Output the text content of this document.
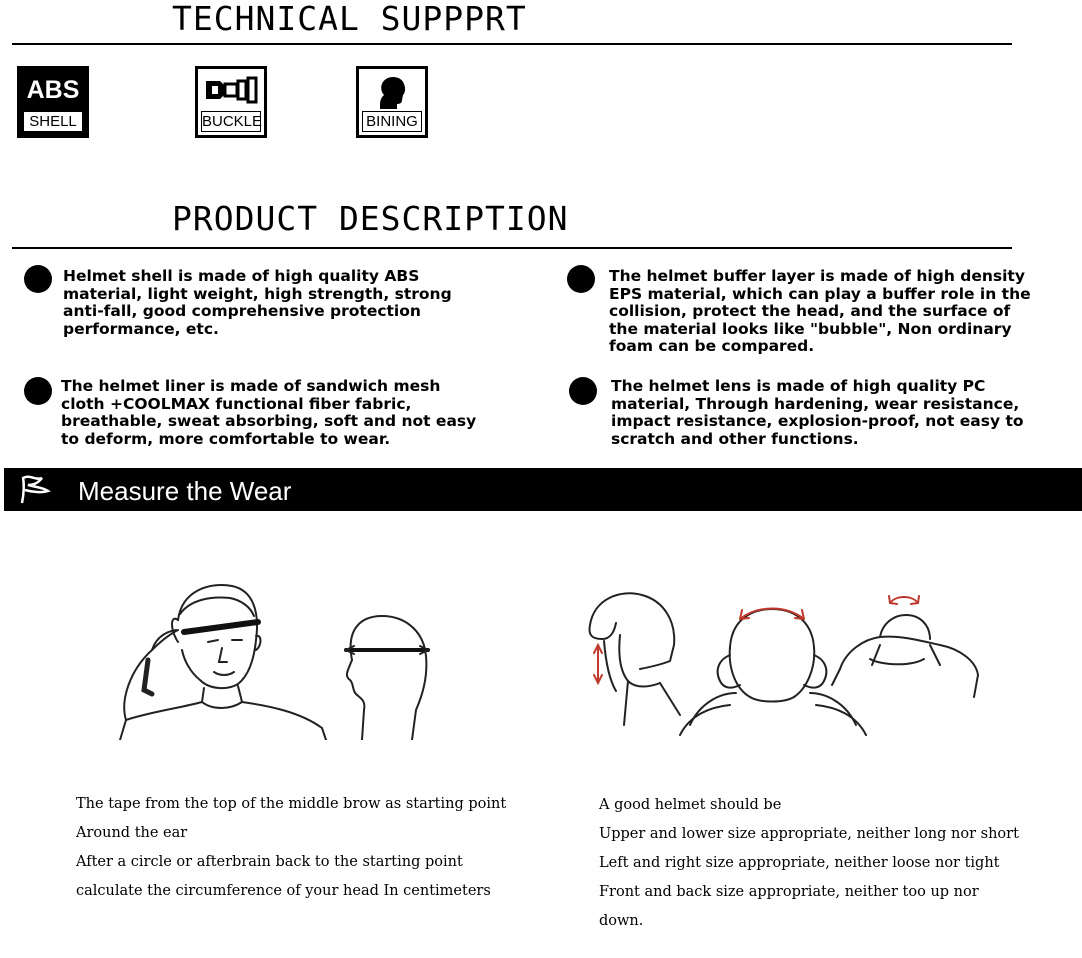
TECHNICAL SUPPPRT
ABS
SHELL	BUCKLE	BINING
PRODUCT DESCRIPTION
Helmet shell is made of high quality ABS
material, light weight, high strength, strong
anti-fall, good comprehensive protection
performance, etc.
The helmet buffer layer is made of high density
EPS material, which can play a buffer role in the
collision, protect the head, and the surface of
the material looks like "bubble", Non ordinary
foam can be compared.
The helmet liner is made of sandwich mesh
cloth +COOLMAX functional fiber fabric,
breathable, sweat absorbing, soft and not easy
to deform, more comfortable to wear.
The helmet lens is made of high quality PC
material, Through hardening, wear resistance,
impact resistance, explosion-proof, not easy to
scratch and other functions.
Measure the Wear
The tape from the top of the middle brow as starting point
Around the ear
After a circle or afterbrain back to the starting point
calculate the circumference of your head In centimeters
A good helmet should be
Upper and lower size appropriate, neither long nor short
Left and right size appropriate, neither loose nor tight
Front and back size appropriate, neither too up nor
down.
